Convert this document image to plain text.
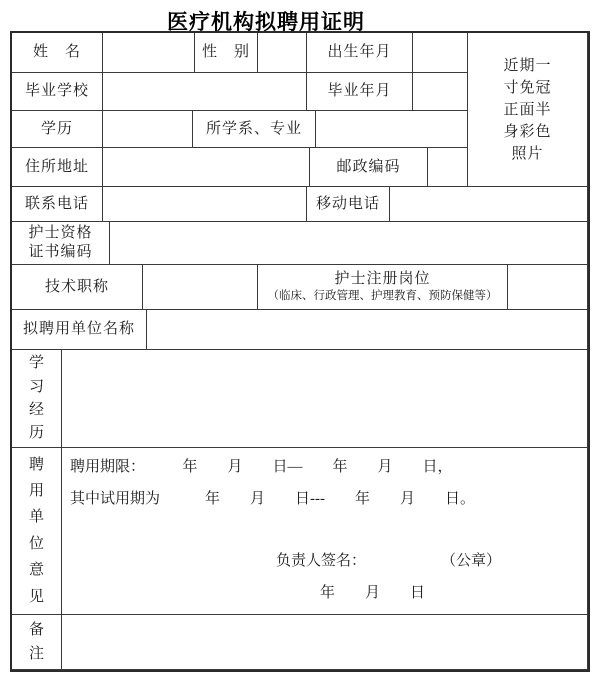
医疗机构拟聘用证明
姓　名	性　别	出生年月
近期一
寸免冠
正面半
身彩色
照片
毕业学校	毕业年月
学历	所学系、专业
住所地址	邮政编码
联系电话	移动电话
护士资格
证书编码
技术职称	护士注册岗位
（临床、行政管理、护理教育、预防保健等）
拟聘用单位名称
学
习
经
历
聘
用
单
位
意
见
聘用期限：　　　年　　月　　日—　　年　　月　　日，
其中试用期为　　　年　　月　　日---　　年　　月　　日。
负责人签名：　　　　　　（公章）
年　　月　　日
备
注
